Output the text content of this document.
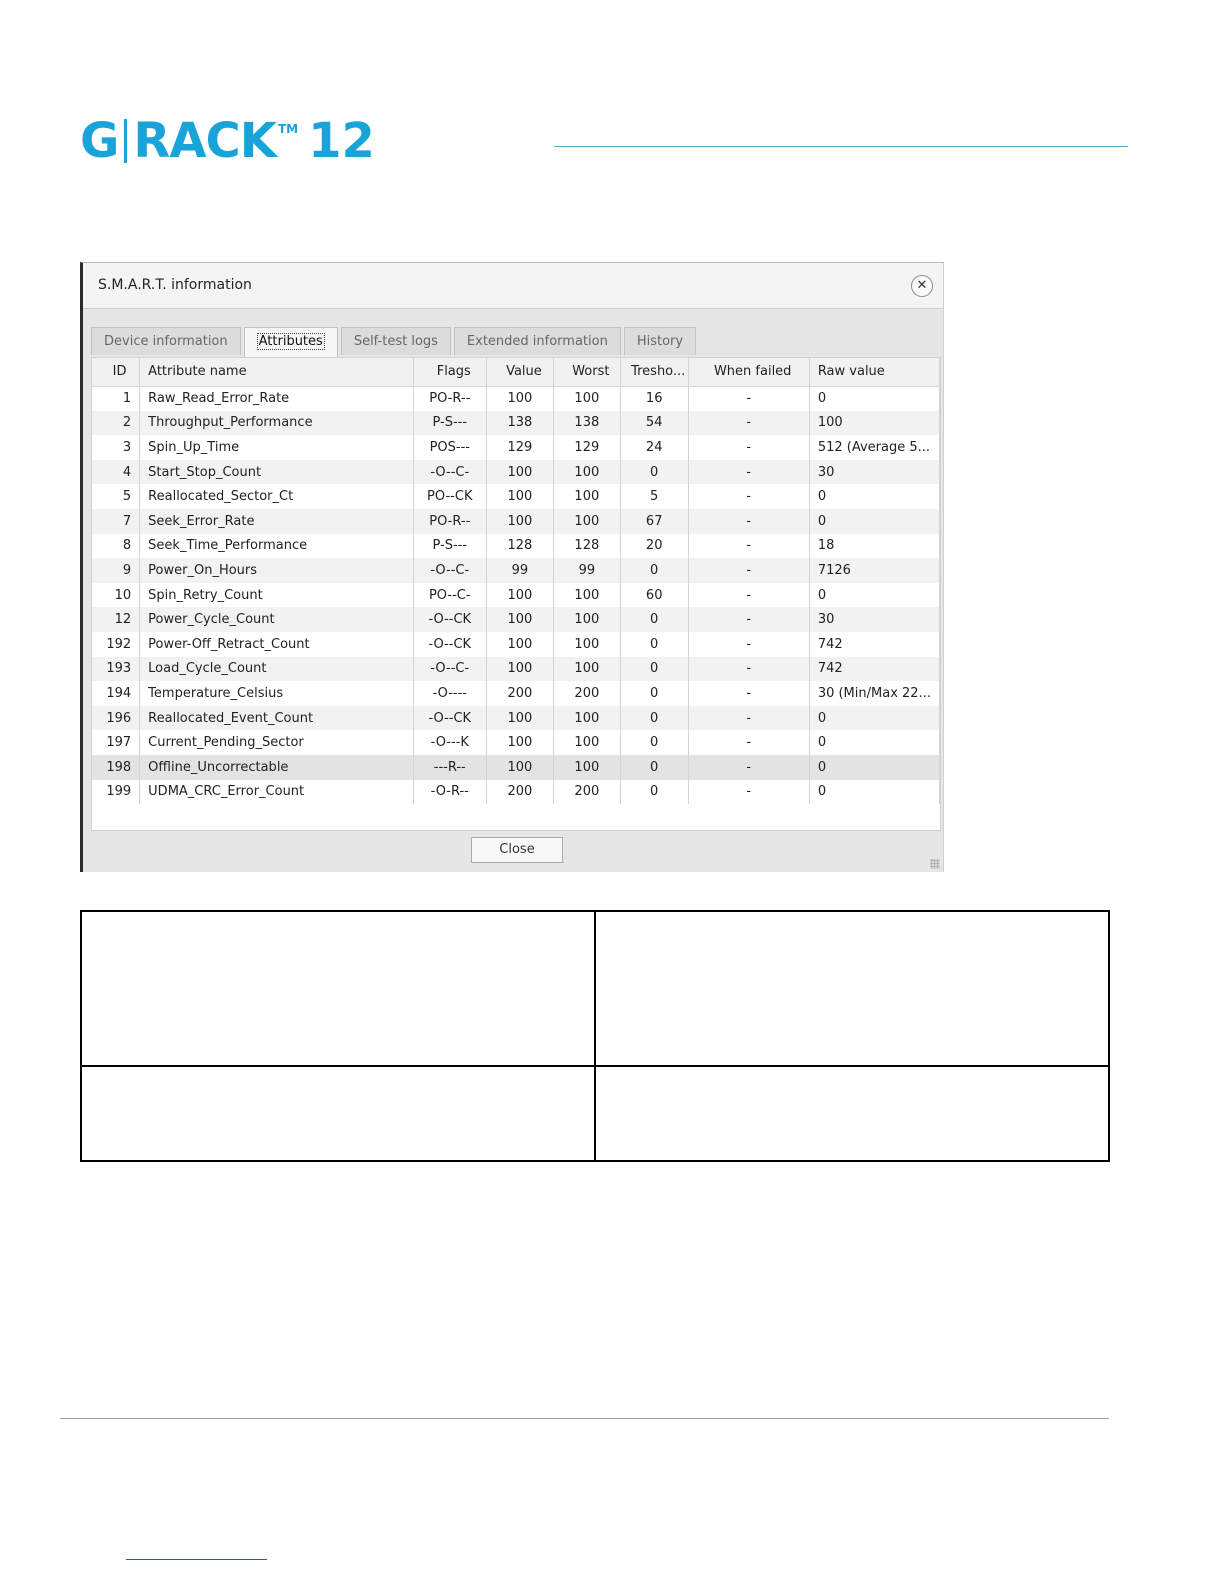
G RACK TM 12
S.M.A.R.T. information	✕
Device information	Attributes	Self-test logs	Extended information	History
ID	Attribute name	Flags	Value	Worst	Tresho...	When failed	Raw value
1	Raw_Read_Error_Rate	PO-R--	100	100	16	-	0
2	Throughput_Performance	P-S---	138	138	54	-	100
3	Spin_Up_Time	POS---	129	129	24	-	512 (Average 5...
4	Start_Stop_Count	-O--C-	100	100	0	-	30
5	Reallocated_Sector_Ct	PO--CK	100	100	5	-	0
7	Seek_Error_Rate	PO-R--	100	100	67	-	0
8	Seek_Time_Performance	P-S---	128	128	20	-	18
9	Power_On_Hours	-O--C-	99	99	0	-	7126
10	Spin_Retry_Count	PO--C-	100	100	60	-	0
12	Power_Cycle_Count	-O--CK	100	100	0	-	30
192	Power-Off_Retract_Count	-O--CK	100	100	0	-	742
193	Load_Cycle_Count	-O--C-	100	100	0	-	742
194	Temperature_Celsius	-O----	200	200	0	-	30 (Min/Max 22...
196	Reallocated_Event_Count	-O--CK	100	100	0	-	0
197	Current_Pending_Sector	-O---K	100	100	0	-	0
198	Offline_Uncorrectable	---R--	100	100	0	-	0
199	UDMA_CRC_Error_Count	-O-R--	200	200	0	-	0
Close
